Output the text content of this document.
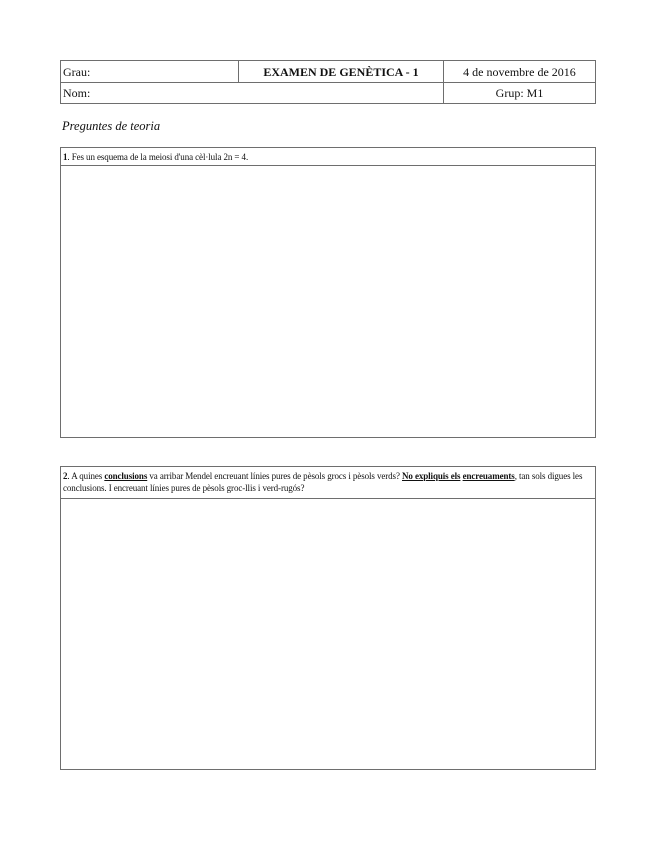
Grau:	EXAMEN DE GENÈTICA - 1	4 de novembre de 2016
Nom:	Grup: M1
Preguntes de teoria
1. Fes un esquema de la meiosi d'una cèl·lula 2n = 4.
2. A quines conclusions va arribar Mendel encreuant línies pures de pèsols grocs i pèsols verds? No expliquis els encreuaments, tan sols digues les conclusions. I encreuant línies pures de pèsols groc-llis i verd-rugós?
